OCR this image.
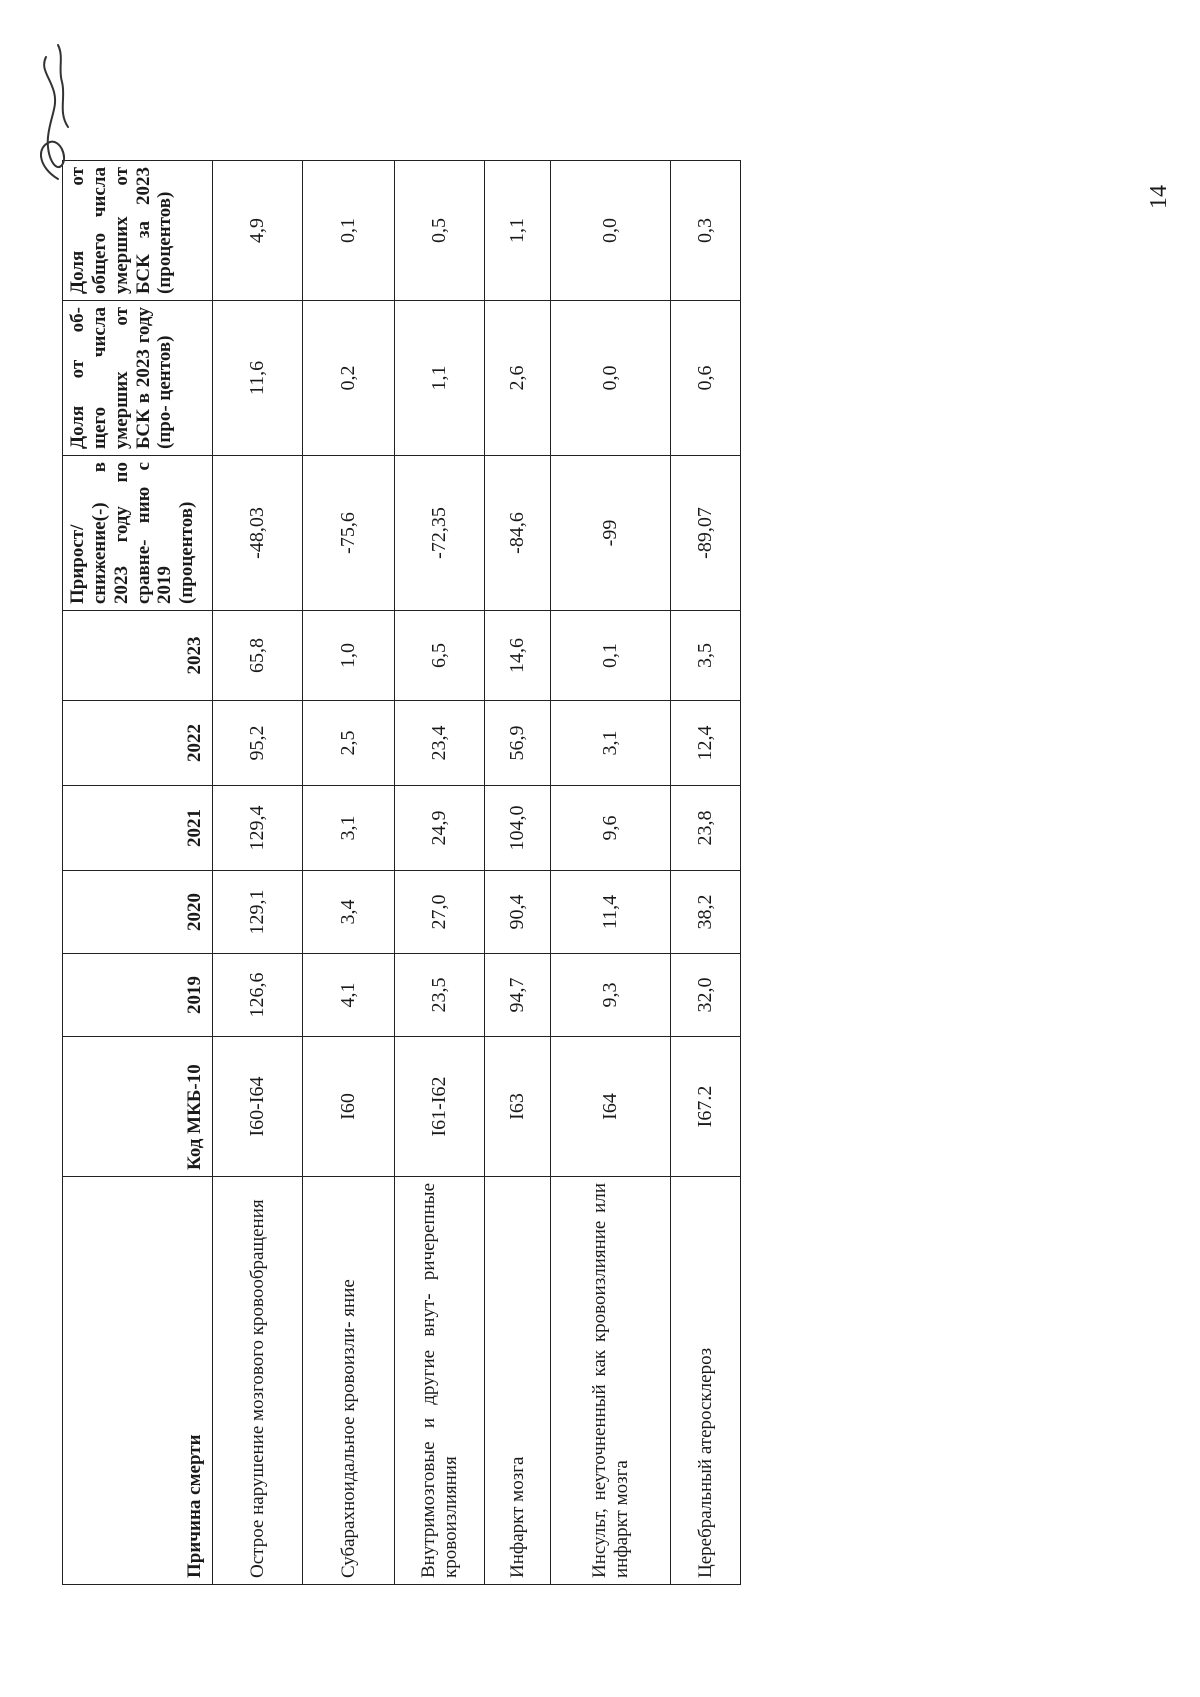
Причина смерти	Код МКБ-10	2019	2020	2021	2022	2023	Прирост/ снижение(-) в 2023 году по сравне- нию с 2019 (процентов)	Доля от об- щего числа умерших от БСК в 2023 году (про- центов)	Доля от общего числа умерших от БСК за 2023 (процентов)
Острое нарушение мозгового кровообращения	I60-I64	126,6	129,1	129,4	95,2	65,8	-48,03	11,6	4,9
Субарахноидальное кровоизли- яние	I60	4,1	3,4	3,1	2,5	1,0	-75,6	0,2	0,1
Внутримозговые и другие внут- ричерепные кровоизлияния	I61-I62	23,5	27,0	24,9	23,4	6,5	-72,35	1,1	0,5
Инфаркт мозга	I63	94,7	90,4	104,0	56,9	14,6	-84,6	2,6	1,1
Инсульт, неуточненный как кровоизлияние или инфаркт мозга	I64	9,3	11,4	9,6	3,1	0,1	-99	0,0	0,0
Церебральный атеросклероз	I67.2	32,0	38,2	23,8	12,4	3,5	-89,07	0,6	0,3
14
